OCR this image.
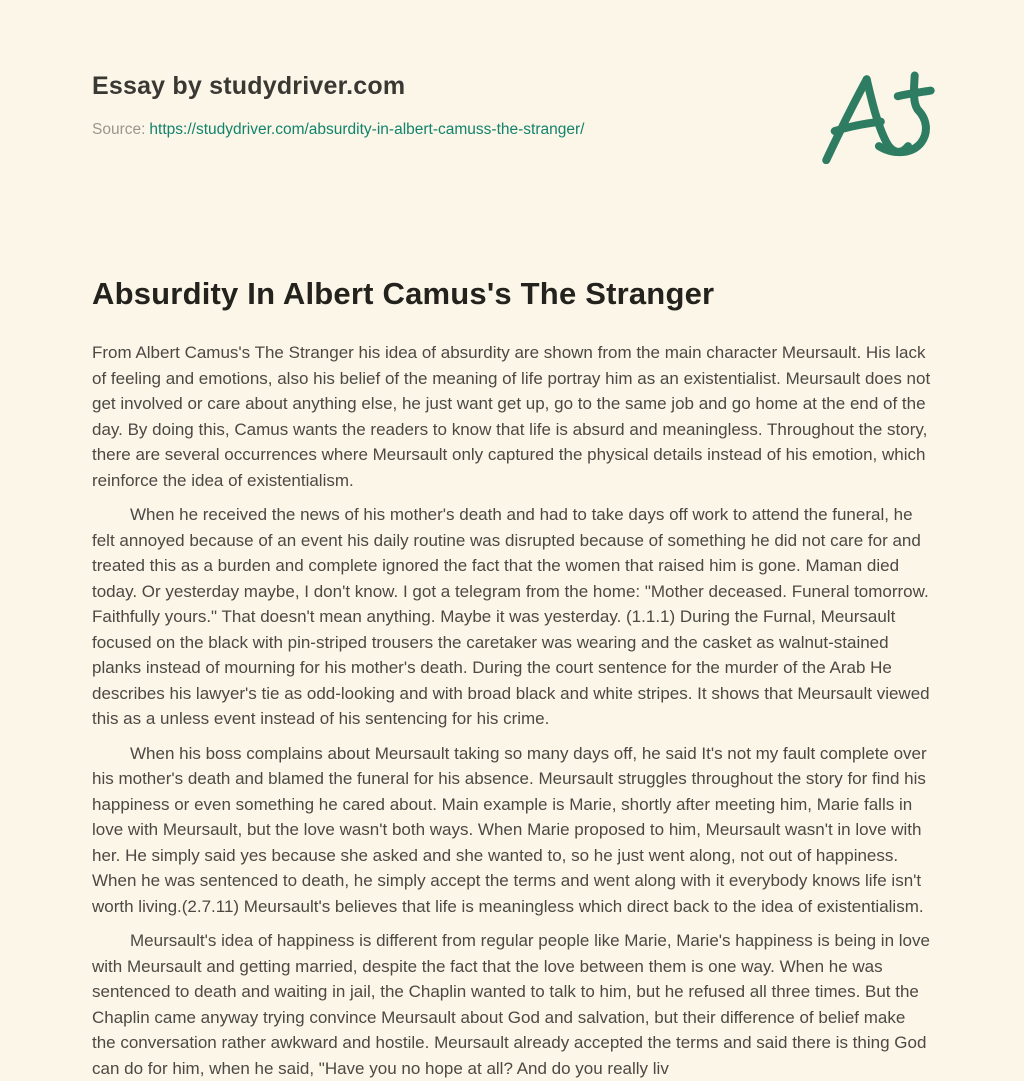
Essay by studydriver.com
Source: https://studydriver.com/absurdity-in-albert-camuss-the-stranger/
Absurdity In Albert Camus's The Stranger

From Albert Camus's The Stranger his idea of absurdity are shown from the main character Meursault. His lack of feeling and emotions, also his belief of the meaning of life portray him as an existentialist. Meursault does not get involved or care about anything else, he just want get up, go to the same job and go home at the end of the day. By doing this, Camus wants the readers to know that life is absurd and meaningless. Throughout the story, there are several occurrences where Meursault only captured the physical details instead of his emotion, which reinforce the idea of existentialism.

When he received the news of his mother's death and had to take days off work to attend the funeral, he felt annoyed because of an event his daily routine was disrupted because of something he did not care for and treated this as a burden and complete ignored the fact that the women that raised him is gone. Maman died today. Or yesterday maybe, I don't know. I got a telegram from the home: "Mother deceased. Funeral tomorrow. Faithfully yours." That doesn't mean anything. Maybe it was yesterday. (1.1.1) During the Furnal, Meursault focused on the black with pin-striped trousers the caretaker was wearing and the casket as walnut-stained planks instead of mourning for his mother's death. During the court sentence for the murder of the Arab He describes his lawyer's tie as odd-looking and with broad black and white stripes. It shows that Meursault viewed this as a unless event instead of his sentencing for his crime.

When his boss complains about Meursault taking so many days off, he said It's not my fault complete over his mother's death and blamed the funeral for his absence. Meursault struggles throughout the story for find his happiness or even something he cared about. Main example is Marie, shortly after meeting him, Marie falls in love with Meursault, but the love wasn't both ways. When Marie proposed to him, Meursault wasn't in love with her. He simply said yes because she asked and she wanted to, so he just went along, not out of happiness. When he was sentenced to death, he simply accept the terms and went along with it everybody knows life isn't worth living.(2.7.11) Meursault's believes that life is meaningless which direct back to the idea of existentialism.

Meursault's idea of happiness is different from regular people like Marie, Marie's happiness is being in love with Meursault and getting married, despite the fact that the love between them is one way. When he was sentenced to death and waiting in jail, the Chaplin wanted to talk to him, but he refused all three times. But the Chaplin came anyway trying convince Meursault about God and salvation, but their difference of belief make the conversation rather awkward and hostile. Meursault already accepted the terms and said there is thing God can do for him, when he said, "Have you no hope at all? And do you really liv
